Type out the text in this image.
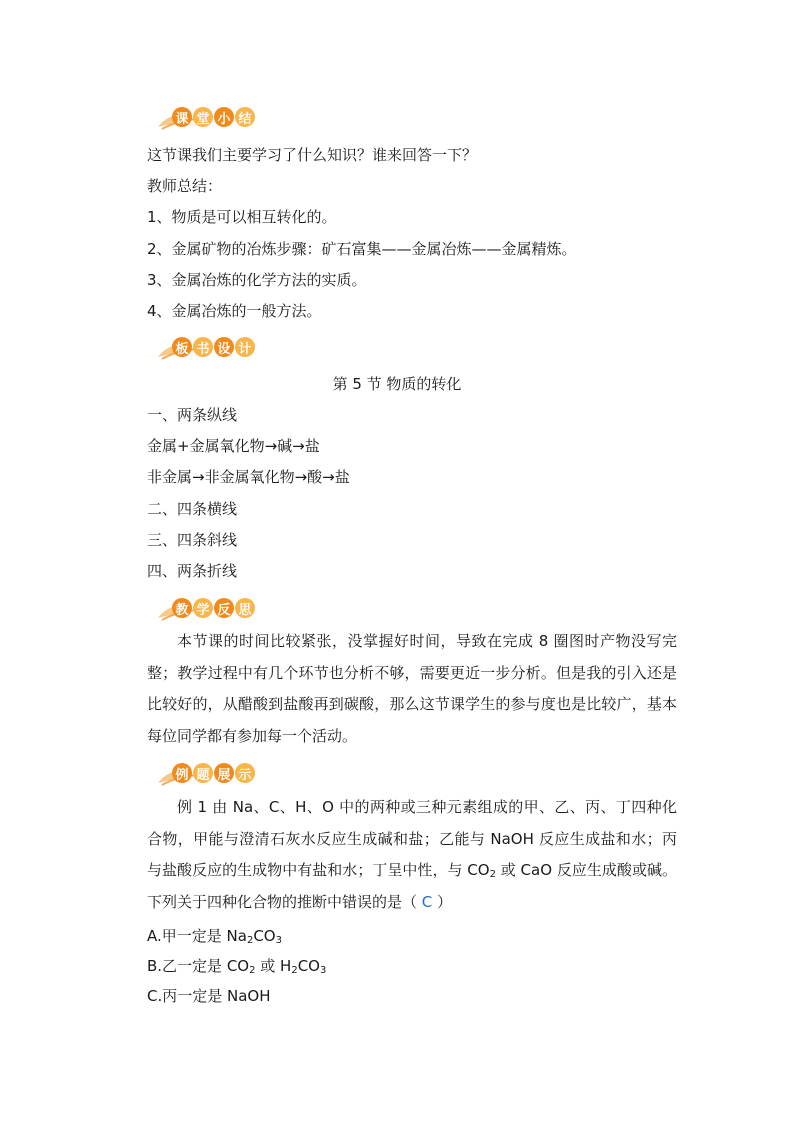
课 堂 小 结
这节课我们主要学习了什么知识？谁来回答一下？
教师总结：
1、物质是可以相互转化的。
2、金属矿物的冶炼步骤：矿石富集——金属冶炼——金属精炼。
3、金属冶炼的化学方法的实质。
4、金属冶炼的一般方法。
板 书 设 计
第 5 节 物质的转化
一、两条纵线
金属+金属氧化物→碱→盐
非金属→非金属氧化物→酸→盐
二、四条横线
三、四条斜线
四、两条折线
教 学 反 思
本节课的时间比较紧张，没掌握好时间，导致在完成 8 圈图时产物没写完整；教学过程中有几个环节也分析不够，需要更近一步分析。但是我的引入还是比较好的，从醋酸到盐酸再到碳酸，那么这节课学生的参与度也是比较广，基本每位同学都有参加每一个活动。
例 题 展 示
例 1 由 Na、C、H、O 中的两种或三种元素组成的甲、乙、丙、丁四种化合物，甲能与澄清石灰水反应生成碱和盐；乙能与 NaOH 反应生成盐和水；丙与盐酸反应的生成物中有盐和水；丁呈中性，与 $CO_2$ 或 CaO 反应生成酸或碱。下列关于四种化合物的推断中错误的是（ C ）
A.甲一定是 $Na_2CO_3$
B.乙一定是 $CO_2$ 或 $H_2CO_3$
C.丙一定是 NaOH
